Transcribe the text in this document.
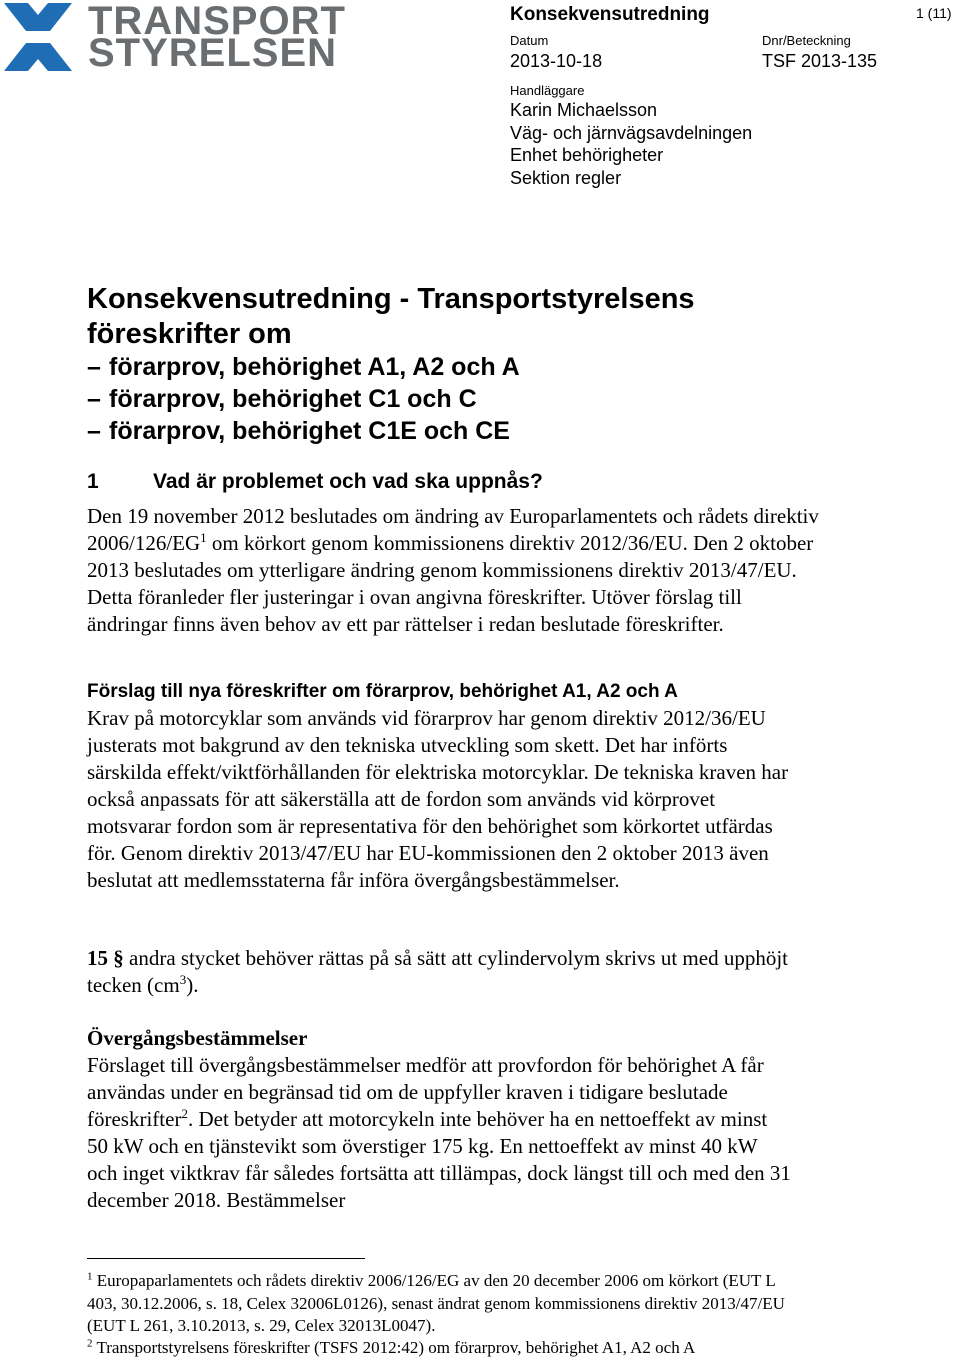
TRANSPORT
STYRELSEN
Konsekvensutredning	1 (11)
Datum
2013-10-18
Dnr/Beteckning
TSF 2013-135
Handläggare
Karin Michaelsson
Väg- och järnvägsavdelningen
Enhet behörigheter
Sektion regler
Konsekvensutredning - Transportstyrelsens
föreskrifter om
– förarprov, behörighet A1, A2 och A
– förarprov, behörighet C1 och C
– förarprov, behörighet C1E och CE
1	Vad är problemet och vad ska uppnås?
Den 19 november 2012 beslutades om ändring av Europarlamentets och rådets direktiv $2006/126/EG^1$ om körkort genom kommissionens direktiv 2012/36/EU. Den 2 oktober 2013 beslutades om ytterligare ändring genom kommissionens direktiv 2013/47/EU. Detta föranleder fler justeringar i ovan angivna föreskrifter. Utöver förslag till ändringar finns även behov av ett par rättelser i redan beslutade föreskrifter.
Förslag till nya föreskrifter om förarprov, behörighet A1, A2 och A
Krav på motorcyklar som används vid förarprov har genom direktiv 2012/36/EU justerats mot bakgrund av den tekniska utveckling som skett. Det har införts särskilda effekt/viktförhållanden för elektriska motorcyklar. De tekniska kraven har också anpassats för att säkerställa att de fordon som används vid körprovet motsvarar fordon som är representativa för den behörighet som körkortet utfärdas för. Genom direktiv 2013/47/EU har EU-kommissionen den 2 oktober 2013 även beslutat att medlemsstaterna får införa övergångsbestämmelser.
15 § andra stycket behöver rättas på så sätt att cylindervolym skrivs ut med upphöjt tecken $(cm^3)$.
Övergångsbestämmelser
Förslaget till övergångsbestämmelser medför att provfordon för behörighet A får användas under en begränsad tid om de uppfyller kraven i tidigare beslutade föreskrifter$^2$. Det betyder att motorcykeln inte behöver ha en nettoeffekt av minst 50 kW och en tjänstevikt som överstiger 175 kg. En nettoeffekt av minst 40 kW och inget viktkrav får således fortsätta att tillämpas, dock längst till och med den 31 december 2018. Bestämmelser
$^1$ Europaparlamentets och rådets direktiv 2006/126/EG av den 20 december 2006 om körkort (EUT L 403, 30.12.2006, s. 18, Celex 32006L0126), senast ändrat genom kommissionens direktiv 2013/47/EU (EUT L 261, 3.10.2013, s. 29, Celex 32013L0047).
$^2$ Transportstyrelsens föreskrifter (TSFS 2012:42) om förarprov, behörighet A1, A2 och A
